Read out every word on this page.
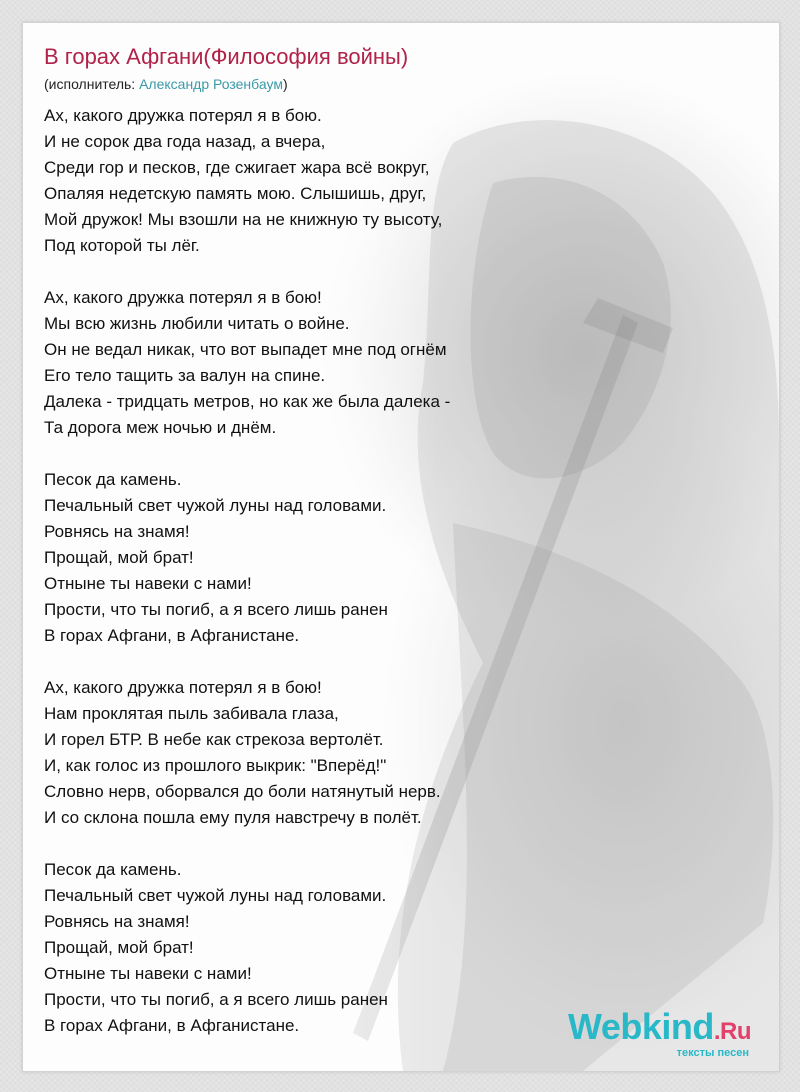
В горах Афгани(Философия войны)
(исполнитель: Александр Розенбаум)
Ах, какого дружка потерял я в бою.
И не сорок два года назад, а вчера,
Среди гор и песков, где сжигает жара всё вокруг,
Опаляя недетскую память мою. Слышишь, друг,
Мой дружок! Мы взошли на не книжную ту высоту,
Под которой ты лёг.
Ах, какого дружка потерял я в бою!
Мы всю жизнь любили читать о войне.
Он не ведал никак, что вот выпадет мне под огнём
Его тело тащить за валун на спине.
Далека - тридцать метров, но как же была далека -
Та дорога меж ночью и днём.
Песок да камень.
Печальный свет чужой луны над головами.
Ровнясь на знамя!
Прощай, мой брат!
Отныне ты навеки с нами!
Прости, что ты погиб, а я всего лишь ранен
В горах Афгани, в Афганистане.
Ах, какого дружка потерял я в бою!
Нам проклятая пыль забивала глаза,
И горел БТР. В небе как стрекоза вертолёт.
И, как голос из прошлого выкрик: "Вперёд!"
Словно нерв, оборвался до боли натянутый нерв.
И со склона пошла ему пуля навстречу в полёт.
Песок да камень.
Печальный свет чужой луны над головами.
Ровнясь на знамя!
Прощай, мой брат!
Отныне ты навеки с нами!
Прости, что ты погиб, а я всего лишь ранен
В горах Афгани, в Афганистане.	Webkind.Ru
тексты песен
